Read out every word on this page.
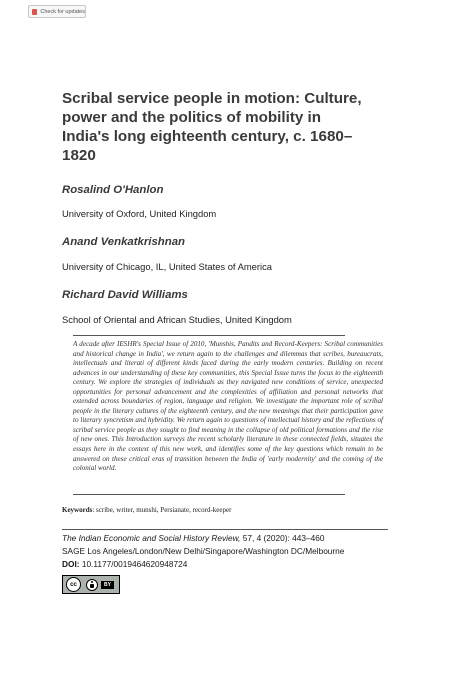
Check for updates
Scribal service people in motion: Culture, power and the politics of mobility in India's long eighteenth century, c. 1680–1820
Rosalind O'Hanlon
University of Oxford, United Kingdom
Anand Venkatkrishnan
University of Chicago, IL, United States of America
Richard David Williams
School of Oriental and African Studies, United Kingdom

A decade after IESHR's Special Issue of 2010, 'Munshis, Pandits and Record-Keepers: Scribal communities and historical change in India', we return again to the challenges and dilemmas that scribes, bureaucrats, intellectuals and literati of different kinds faced during the early modern centuries. Building on recent advances in our understanding of these key communities, this Special Issue turns the focus to the eighteenth century. We explore the strategies of individuals as they navigated new conditions of service, unexpected opportunities for personal advancement and the complexities of affiliation and personal networks that extended across boundaries of region, language and religion. We investigate the important role of scribal people in the literary cultures of the eighteenth century, and the new meanings that their participation gave to literary syncretism and hybridity. We return again to questions of intellectual history and the reflections of scribal service people as they sought to find meaning in the collapse of old political formations and the rise of new ones. This Introduction surveys the recent scholarly literature in these connected fields, situates the essays here in the context of this new work, and identifies some of the key questions which remain to be answered on these critical eras of transition between the India of 'early modernity' and the coming of the colonial world.

Keywords: scribe, writer, munshi, Persianate, record-keeper
The Indian Economic and Social History Review, 57, 4 (2020): 443–460
SAGE Los Angeles/London/New Delhi/Singapore/Washington DC/Melbourne
DOI: 10.1177/0019464620948724
cc	BY
